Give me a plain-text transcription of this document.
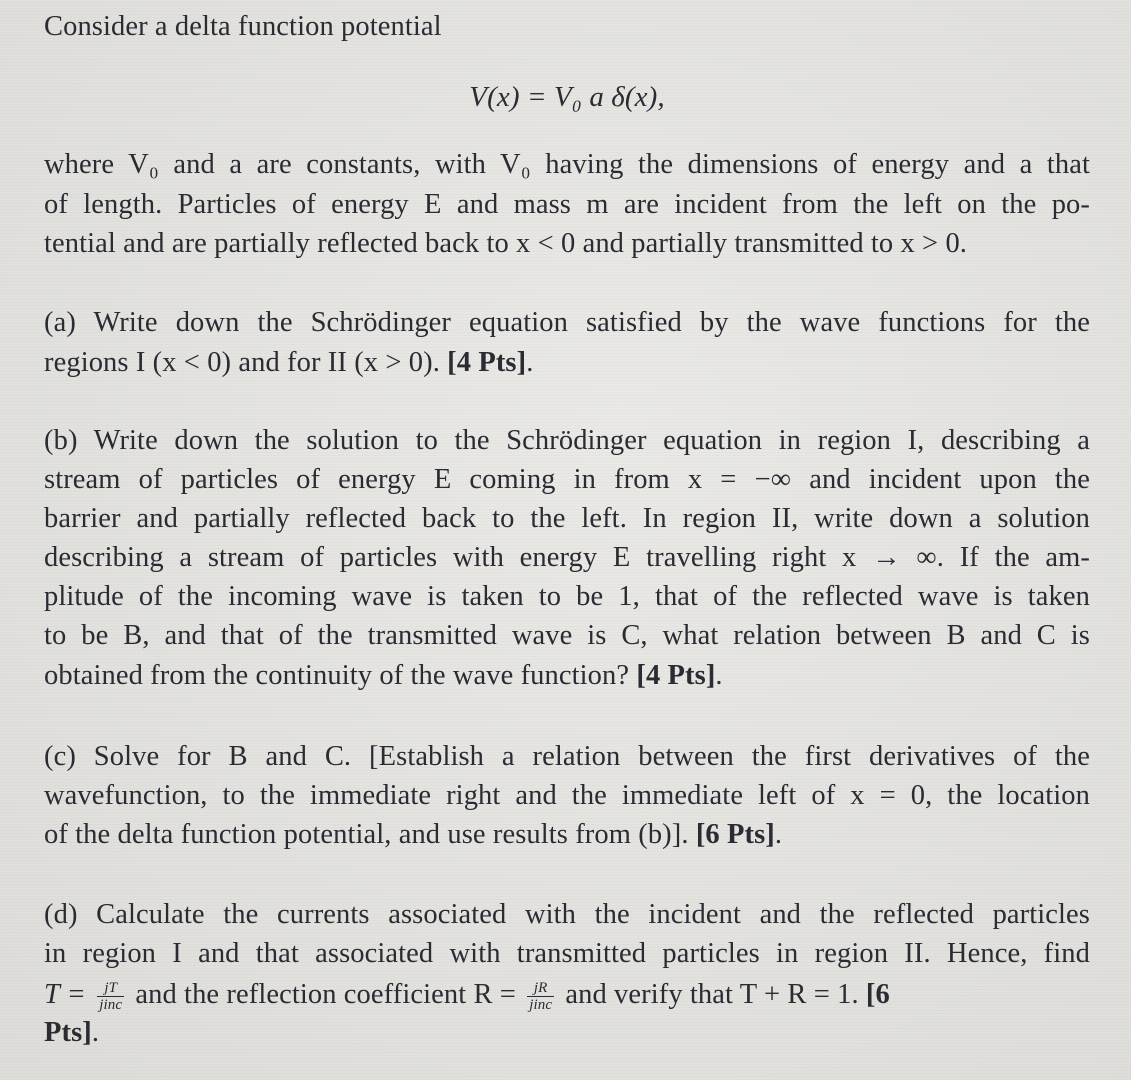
Consider a delta function potential
V(x) = V₀ a δ(x),
where V₀ and a are constants, with V₀ having the dimensions of energy and a that
of length. Particles of energy E and mass m are incident from the left on the po-
tential and are partially reflected back to x < 0 and partially transmitted to x > 0.
(a) Write down the Schrödinger equation satisfied by the wave functions for the
regions I (x < 0) and for II (x > 0). [4 Pts].
(b) Write down the solution to the Schrödinger equation in region I, describing a
stream of particles of energy E coming in from x = −∞ and incident upon the
barrier and partially reflected back to the left. In region II, write down a solution
describing a stream of particles with energy E travelling right x → ∞. If the am-
plitude of the incoming wave is taken to be 1, that of the reflected wave is taken
to be B, and that of the transmitted wave is C, what relation between B and C is
obtained from the continuity of the wave function? [4 Pts].
(c) Solve for B and C. [Establish a relation between the first derivatives of the
wavefunction, to the immediate right and the immediate left of x = 0, the location
of the delta function potential, and use results from (b)]. [6 Pts].
(d) Calculate the currents associated with the incident and the reflected particles
in region I and that associated with transmitted particles in region II. Hence, find
$T = \frac{jT}{\text{jinc}}$ and the reflection coefficient $R = \frac{jR}{\text{jinc}}$ and verify that T + R = 1. [6
Pts].
